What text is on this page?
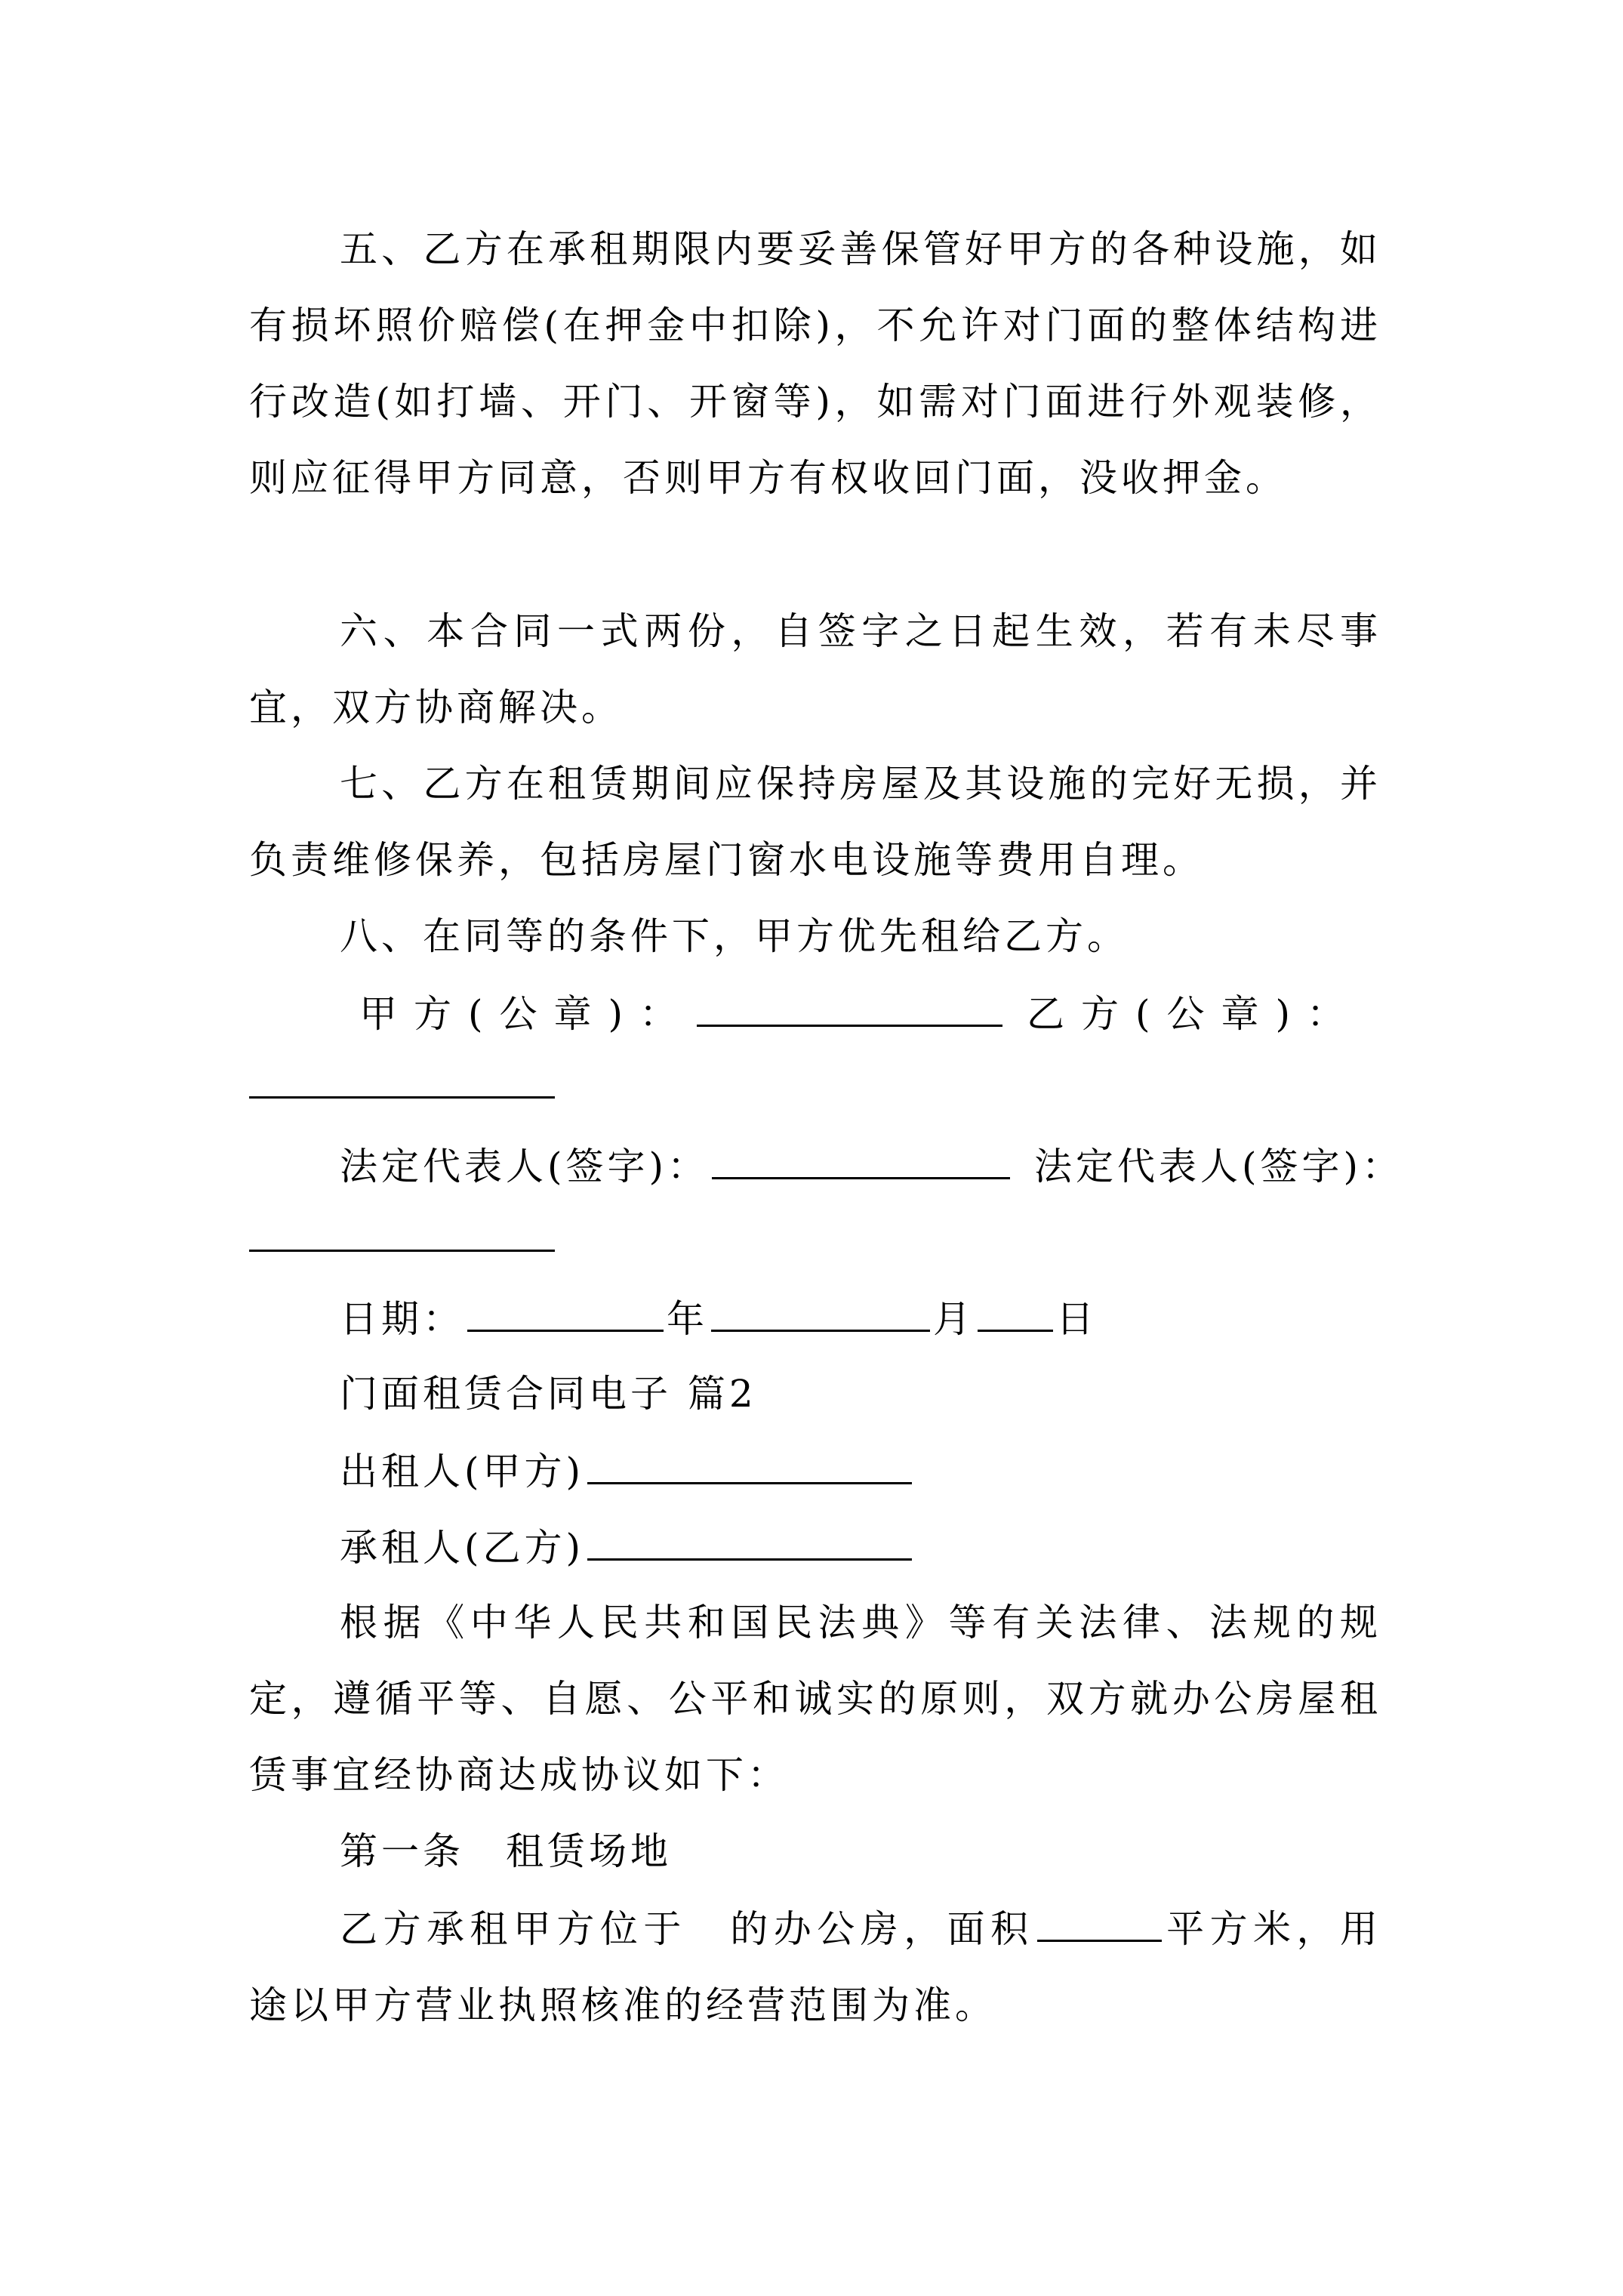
五、乙方在承租期限内要妥善保管好甲方的各种设施，如有损坏照价赔偿(在押金中扣除)，不允许对门面的整体结构进行改造(如打墙、开门、开窗等)，如需对门面进行外观装修，则应征得甲方同意，否则甲方有权收回门面，没收押金。

六、本合同一式两份，自签字之日起生效，若有未尽事宜，双方协商解决。

七、乙方在租赁期间应保持房屋及其设施的完好无损，并负责维修保养，包括房屋门窗水电设施等费用自理。

八、在同等的条件下，甲方优先租给乙方。

甲方(公章)：	乙方(公章)：
法定代表人(签字)：	法定代表人(签字)：
日期：	年	月 日
门面租赁合同电子 篇2
出租人(甲方)
承租人(乙方)

根据《中华人民共和国民法典》等有关法律、法规的规定，遵循平等、自愿、公平和诚实的原则，双方就办公房屋租赁事宜经协商达成协议如下：

第一条　租赁场地

乙方承租甲方位于　的办公房，面积	平方米，用途以甲方营业执照核准的经营范围为准。
